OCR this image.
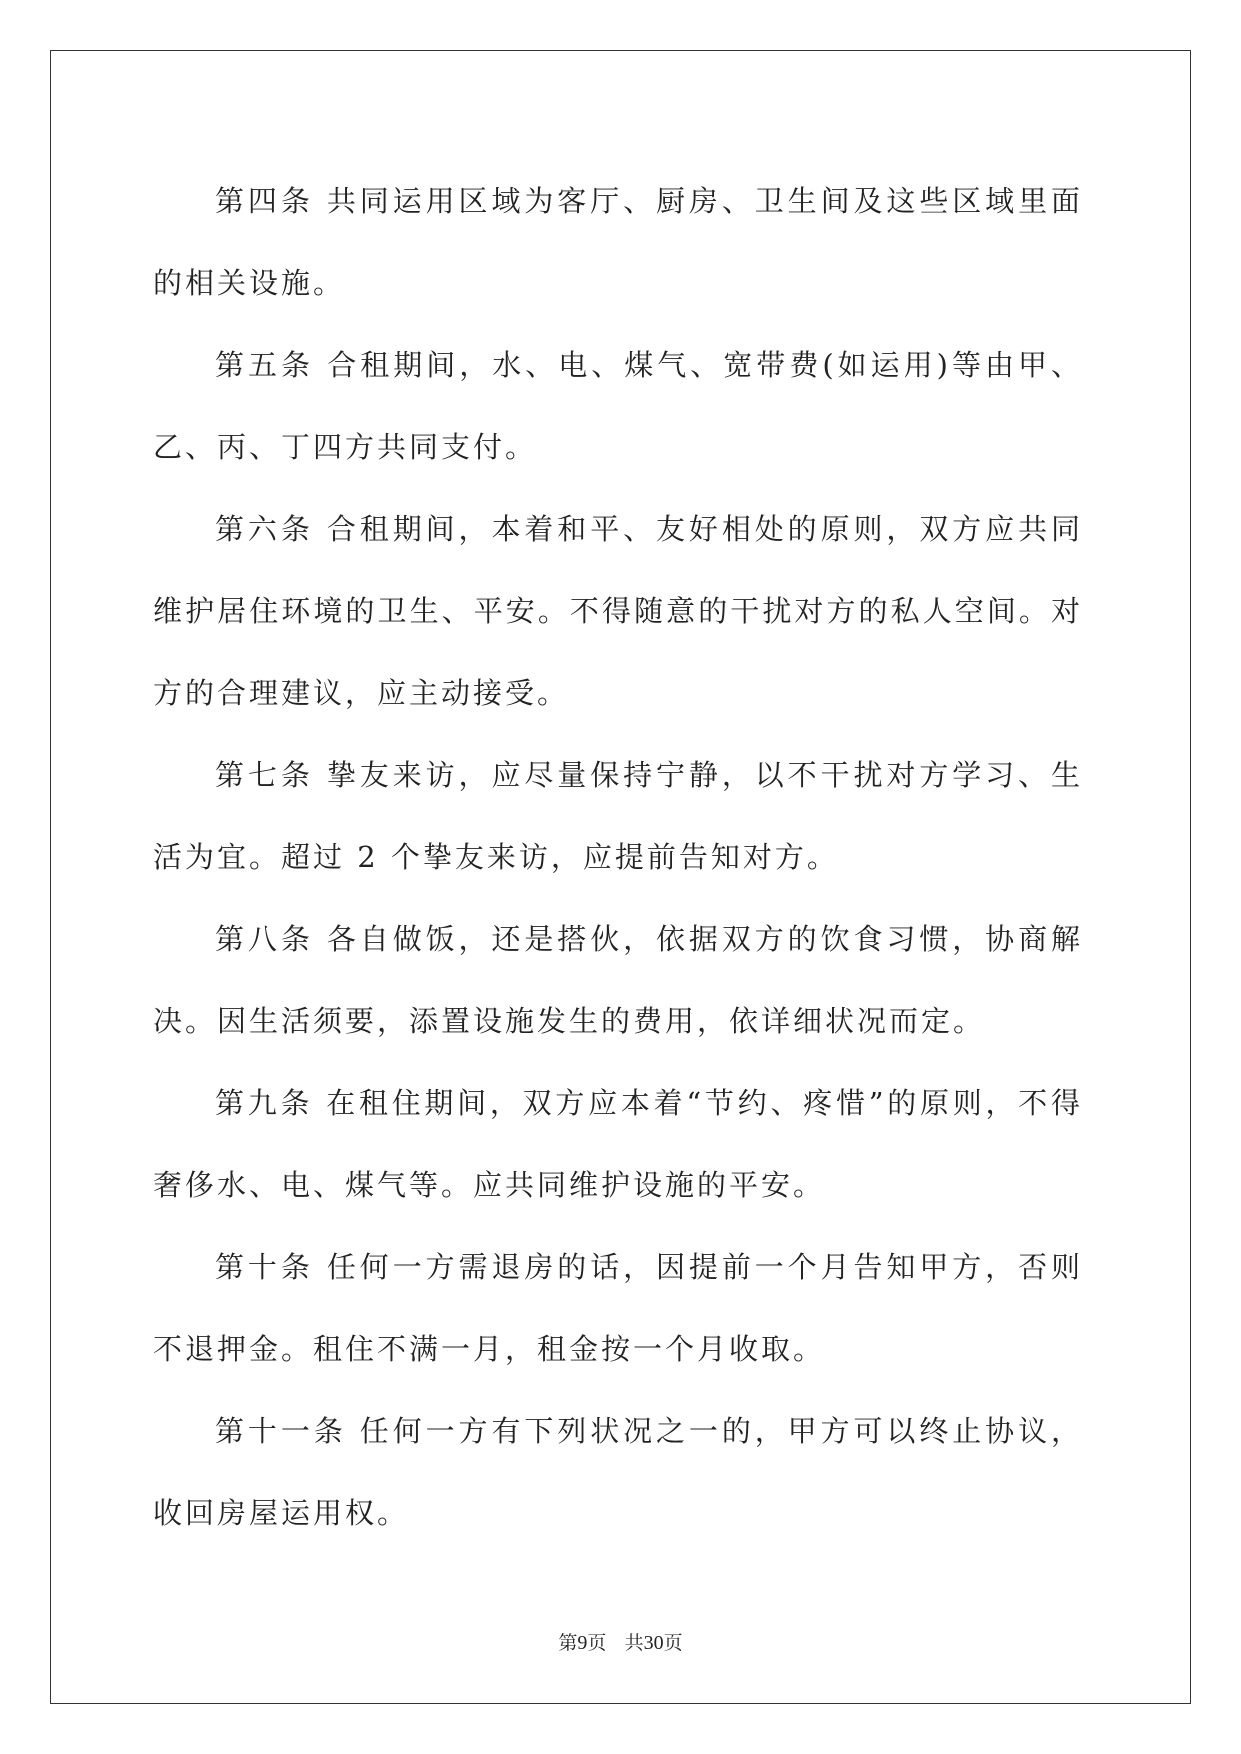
第四条 共同运用区域为客厅、厨房、卫生间及这些区域里面的相关设施。

第五条 合租期间，水、电、煤气、宽带费(如运用)等由甲、乙、丙、丁四方共同支付。

第六条 合租期间，本着和平、友好相处的原则，双方应共同维护居住环境的卫生、平安。不得随意的干扰对方的私人空间。对方的合理建议，应主动接受。

第七条 挚友来访，应尽量保持宁静，以不干扰对方学习、生活为宜。超过 2 个挚友来访，应提前告知对方。

第八条 各自做饭，还是搭伙，依据双方的饮食习惯，协商解决。因生活须要，添置设施发生的费用，依详细状况而定。

第九条 在租住期间，双方应本着“节约、疼惜”的原则，不得奢侈水、电、煤气等。应共同维护设施的平安。

第十条 任何一方需退房的话，因提前一个月告知甲方，否则不退押金。租住不满一月，租金按一个月收取。

第十一条 任何一方有下列状况之一的，甲方可以终止协议，收回房屋运用权。

第9页 共30页
